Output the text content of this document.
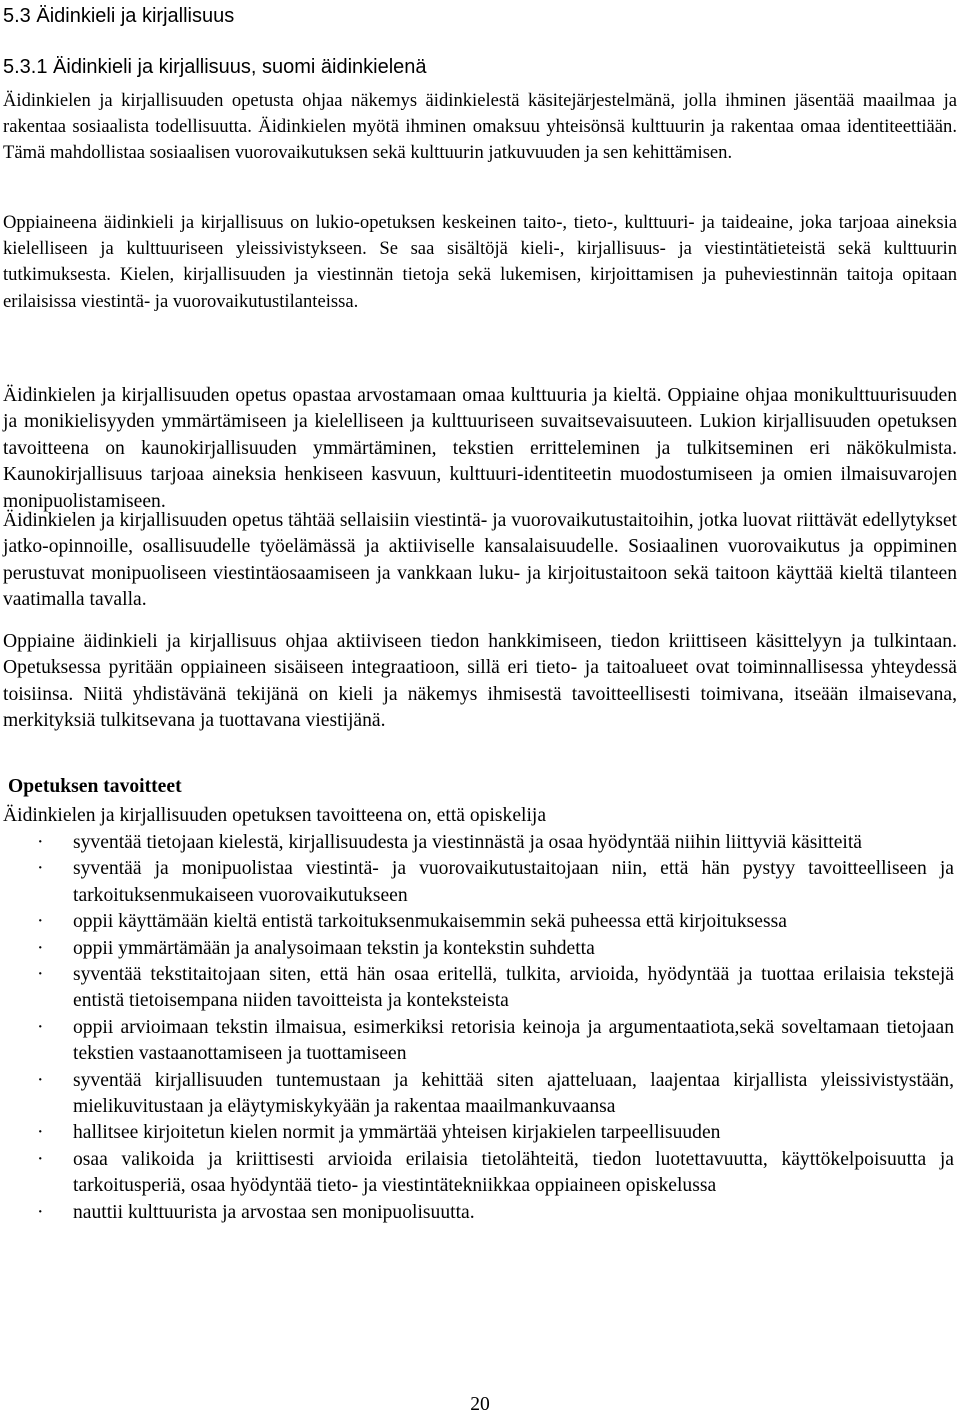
5.3 Äidinkieli ja kirjallisuus
5.3.1 Äidinkieli ja kirjallisuus, suomi äidinkielenä

Äidinkielen ja kirjallisuuden opetusta ohjaa näkemys äidinkielestä käsitejärjestelmänä, jolla ihminen jäsentää maailmaa ja rakentaa sosiaalista todellisuutta. Äidinkielen myötä ihminen omaksuu yhteisönsä kulttuurin ja rakentaa omaa identiteettiään. Tämä mahdollistaa sosiaalisen vuorovaikutuksen sekä kulttuurin jatkuvuuden ja sen kehittämisen.

Oppiaineena äidinkieli ja kirjallisuus on lukio-opetuksen keskeinen taito-, tieto-, kulttuuri- ja taideaine, joka tarjoaa aineksia kielelliseen ja kulttuuriseen yleissivistykseen. Se saa sisältöjä kieli-, kirjallisuus- ja viestintätieteistä sekä kulttuurin tutkimuksesta. Kielen, kirjallisuuden ja viestinnän tietoja sekä lukemisen, kirjoittamisen ja puheviestinnän taitoja opitaan erilaisissa viestintä- ja vuorovaikutustilanteissa.

Äidinkielen ja kirjallisuuden opetus opastaa arvostamaan omaa kulttuuria ja kieltä. Oppiaine ohjaa monikulttuurisuuden ja monikielisyyden ymmärtämiseen ja kielelliseen ja kulttuuriseen suvaitsevaisuuteen. Lukion kirjallisuuden opetuksen tavoitteena on kaunokirjallisuuden ymmärtäminen, tekstien erritteleminen ja tulkitseminen eri näkökulmista. Kaunokirjallisuus tarjoaa aineksia henkiseen kasvuun, kulttuuri-identiteetin muodostumiseen ja omien ilmaisuvarojen monipuolistamiseen.

Äidinkielen ja kirjallisuuden opetus tähtää sellaisiin viestintä- ja vuorovaikutustaitoihin, jotka luovat riittävät edellytykset jatko-opinnoille, osallisuudelle työelämässä ja aktiiviselle kansalaisuudelle. Sosiaalinen vuorovaikutus ja oppiminen perustuvat monipuoliseen viestintäosaamiseen ja vankkaan luku- ja kirjoitustaitoon sekä taitoon käyttää kieltä tilanteen vaatimalla tavalla.

Oppiaine äidinkieli ja kirjallisuus ohjaa aktiiviseen tiedon hankkimiseen, tiedon kriittiseen käsittelyyn ja tulkintaan. Opetuksessa pyritään oppiaineen sisäiseen integraatioon, sillä eri tieto- ja taitoalueet ovat toiminnallisessa yhteydessä toisiinsa. Niitä yhdistävänä tekijänä on kieli ja näkemys ihmisestä tavoitteellisesti toimivana, itseään ilmaisevana, merkityksiä tulkitsevana ja tuottavana viestijänä.

Opetuksen tavoitteet

Äidinkielen ja kirjallisuuden opetuksen tavoitteena on, että opiskelija

· syventää tietojaan kielestä, kirjallisuudesta ja viestinnästä ja osaa hyödyntää niihin liittyviä käsitteitä
· syventää ja monipuolistaa viestintä- ja vuorovaikutustaitojaan niin, että hän pystyy tavoitteelliseen ja tarkoituksenmukaiseen vuorovaikutukseen
· oppii käyttämään kieltä entistä tarkoituksenmukaisemmin sekä puheessa että kirjoituksessa
· oppii ymmärtämään ja analysoimaan tekstin ja kontekstin suhdetta
· syventää tekstitaitojaan siten, että hän osaa eritellä, tulkita, arvioida, hyödyntää ja tuottaa erilaisia tekstejä entistä tietoisempana niiden tavoitteista ja konteksteista
· oppii arvioimaan tekstin ilmaisua, esimerkiksi retorisia keinoja ja argumentaatiota,sekä soveltamaan tietojaan tekstien vastaanottamiseen ja tuottamiseen
· syventää kirjallisuuden tuntemustaan ja kehittää siten ajatteluaan, laajentaa kirjallista yleissivistystään, mielikuvitustaan ja eläytymiskykyään ja rakentaa maailmankuvaansa
· hallitsee kirjoitetun kielen normit ja ymmärtää yhteisen kirjakielen tarpeellisuuden
· osaa valikoida ja kriittisesti arvioida erilaisia tietolähteitä, tiedon luotettavuutta, käyttökelpoisuutta ja tarkoitusperiä, osaa hyödyntää tieto- ja viestintätekniikkaa oppiaineen opiskelussa
· nauttii kulttuurista ja arvostaa sen monipuolisuutta.
20
